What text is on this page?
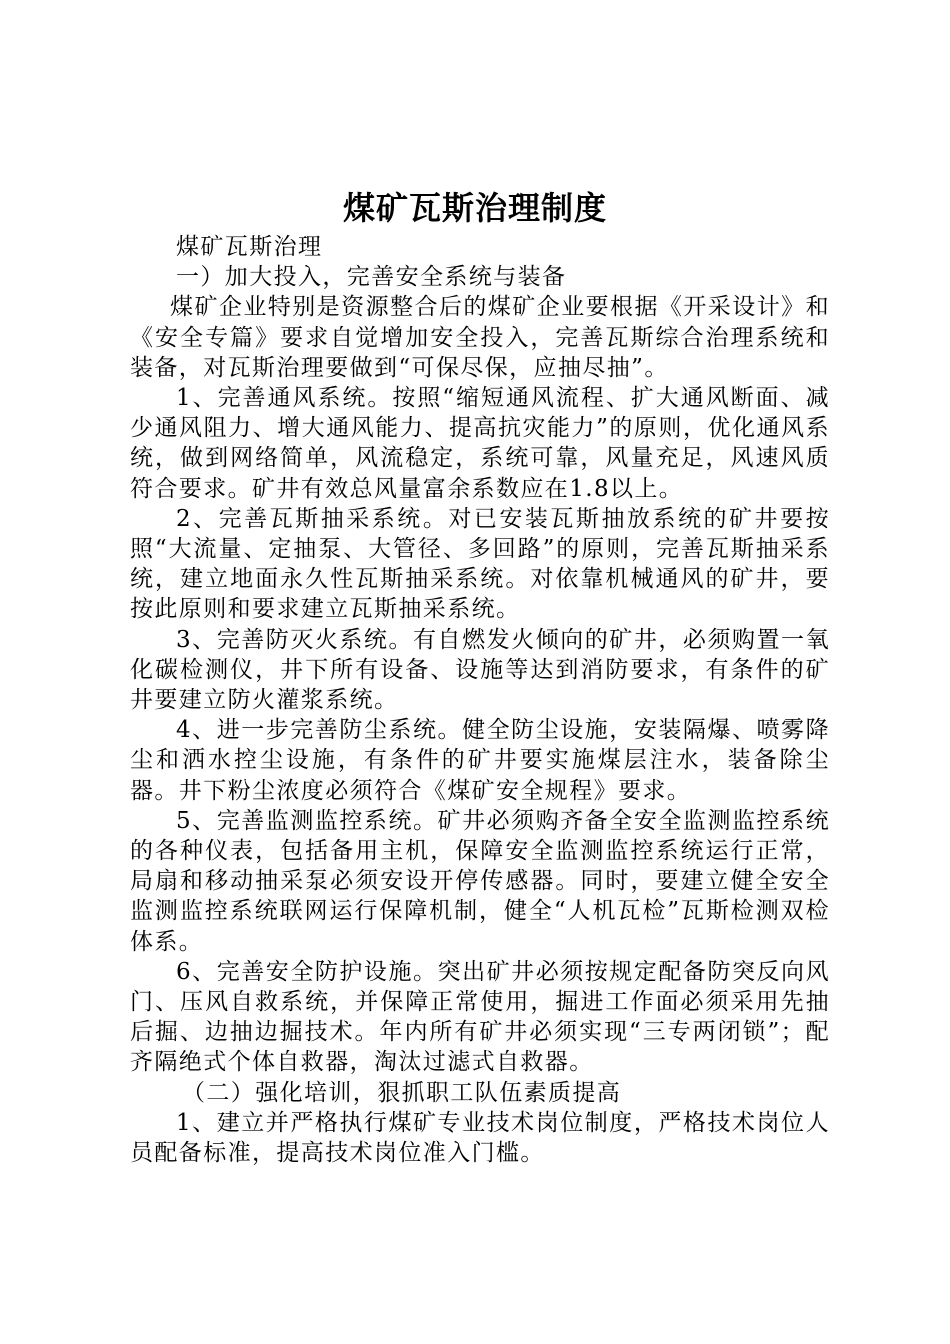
煤矿瓦斯治理制度

煤矿瓦斯治理

一）加大投入，完善安全系统与装备

煤矿企业特别是资源整合后的煤矿企业要根据《开采设计》和《安全专篇》要求自觉增加安全投入，完善瓦斯综合治理系统和装备，对瓦斯治理要做到“可保尽保，应抽尽抽”。

1、完善通风系统。按照“缩短通风流程、扩大通风断面、减少通风阻力、增大通风能力、提高抗灾能力”的原则，优化通风系统，做到网络简单，风流稳定，系统可靠，风量充足，风速风质符合要求。矿井有效总风量富余系数应在1.8以上。

2、完善瓦斯抽采系统。对已安装瓦斯抽放系统的矿井要按照“大流量、定抽泵、大管径、多回路”的原则，完善瓦斯抽采系统，建立地面永久性瓦斯抽采系统。对依靠机械通风的矿井，要按此原则和要求建立瓦斯抽采系统。

3、完善防灭火系统。有自燃发火倾向的矿井，必须购置一氧化碳检测仪，井下所有设备、设施等达到消防要求，有条件的矿井要建立防火灌浆系统。

4、进一步完善防尘系统。健全防尘设施，安装隔爆、喷雾降尘和洒水控尘设施，有条件的矿井要实施煤层注水，装备除尘器。井下粉尘浓度必须符合《煤矿安全规程》要求。

5、完善监测监控系统。矿井必须购齐备全安全监测监控系统的各种仪表，包括备用主机，保障安全监测监控系统运行正常，局扇和移动抽采泵必须安设开停传感器。同时，要建立健全安全监测监控系统联网运行保障机制，健全“人机瓦检”瓦斯检测双检体系。

6、完善安全防护设施。突出矿井必须按规定配备防突反向风门、压风自救系统，并保障正常使用，掘进工作面必须采用先抽后掘、边抽边掘技术。年内所有矿井必须实现“三专两闭锁”；配齐隔绝式个体自救器，淘汰过滤式自救器。

（二）强化培训，狠抓职工队伍素质提高

1、建立并严格执行煤矿专业技术岗位制度，严格技术岗位人员配备标准，提高技术岗位准入门槛。
